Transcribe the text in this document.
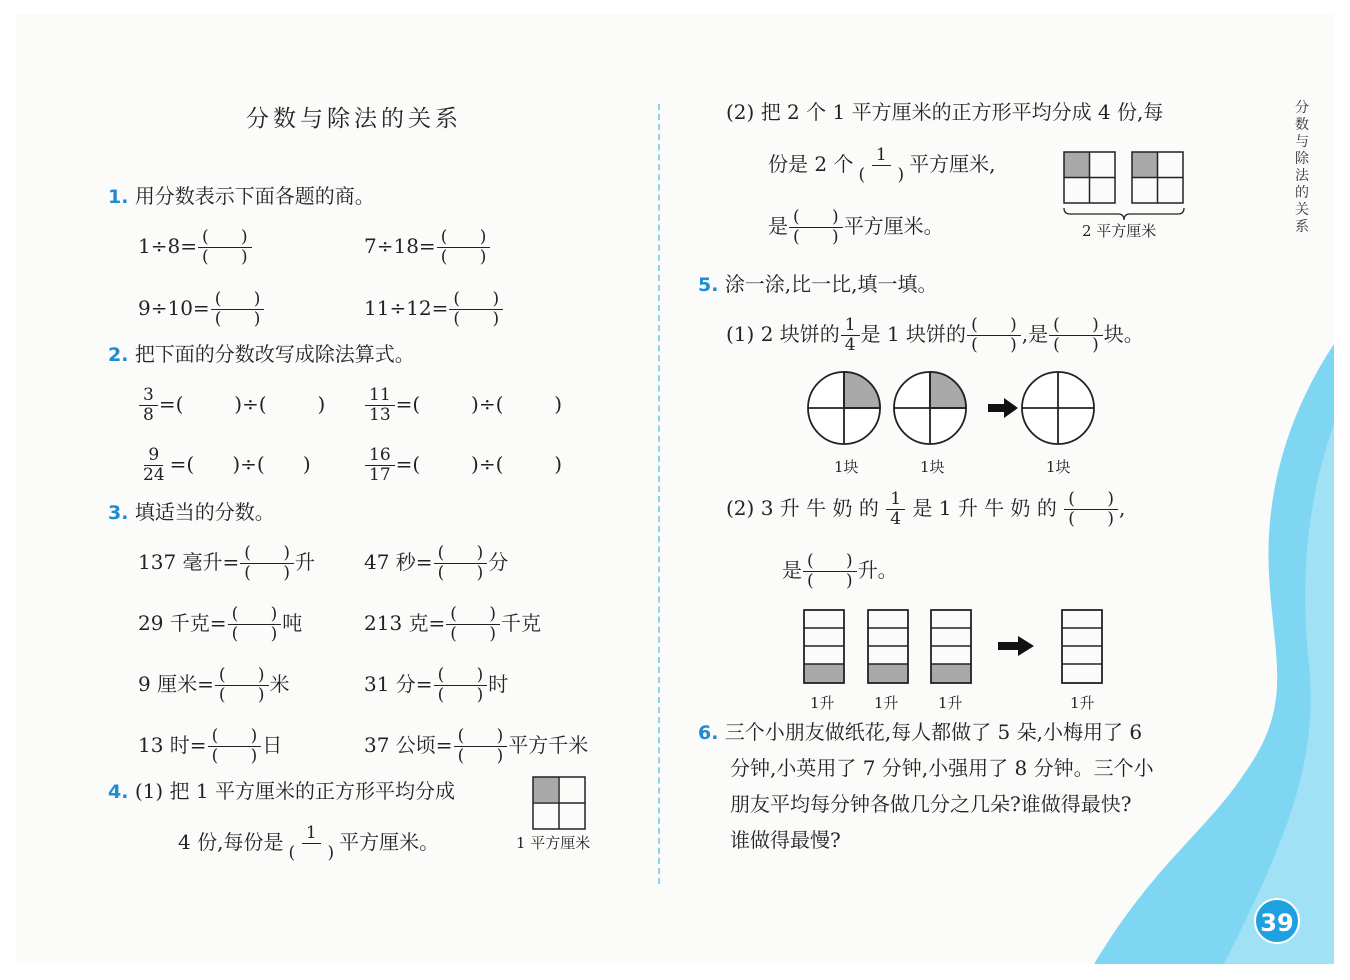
分数与除法的关系
39
分数与除法的关系
1. 用分数表示下面各题的商。
$1\div 8= \frac{( )}{( )}$	$7\div 18= \frac{( )}{( )}$
$9\div 10= \frac{( )}{( )}$	$11\div 12= \frac{( )}{( )}$
2. 把下面的分数改写成除法算式。
$\frac{3}{8}$ =(        )÷(        ) $\frac{11}{13}$ =(        )÷(        )
$\frac{9}{24}$ =(      )÷(      )	$\frac{16}{17}$ =(        )÷(        )
3. 填适当的分数。
137 毫升= $\frac{( )}{( )}$ 升 47 秒= $\frac{( )}{( )}$ 分
29 千克= $\frac{( )}{( )}$ 吨	213 克= $\frac{( )}{( )}$ 千克
9 厘米= $\frac{( )}{( )}$ 米	31 分= $\frac{( )}{( )}$ 时
13 时= $\frac{( )}{( )}$ 日	37 公顷= $\frac{( )}{( )}$ 平方千米
4. (1) 把 1 平方厘米的正方形平均分成
4 份,每份是 $\frac{1}{( )}$ 平方厘米。	1 平方厘米
(2) 把 2 个 1 平方厘米的正方形平均分成 4 份,每
份是 2 个 $\frac{1}{( )}$ 平方厘米,
是 $\frac{( )}{( )}$ 平方厘米。	2 平方厘米
5. 涂一涂,比一比,填一填。
(1) 2 块饼的 $\frac{1}{4}$ 是 1 块饼的 $\frac{( )}{( )}$ ,是 $\frac{( )}{( )}$ 块。
1块	1块	1块
(2) 3 升 牛 奶 的 $\frac{1}{4}$ 是 1 升 牛 奶 的 $\frac{( )}{( )}$ ,
是 $\frac{( )}{( )}$ 升。
1升	1升	1升	1升
6. 三个小朋友做纸花,每人都做了 5 朵,小梅用了 6
分钟,小英用了 7 分钟,小强用了 8 分钟。三个小
朋友平均每分钟各做几分之几朵?谁做得最快?
谁做得最慢?
